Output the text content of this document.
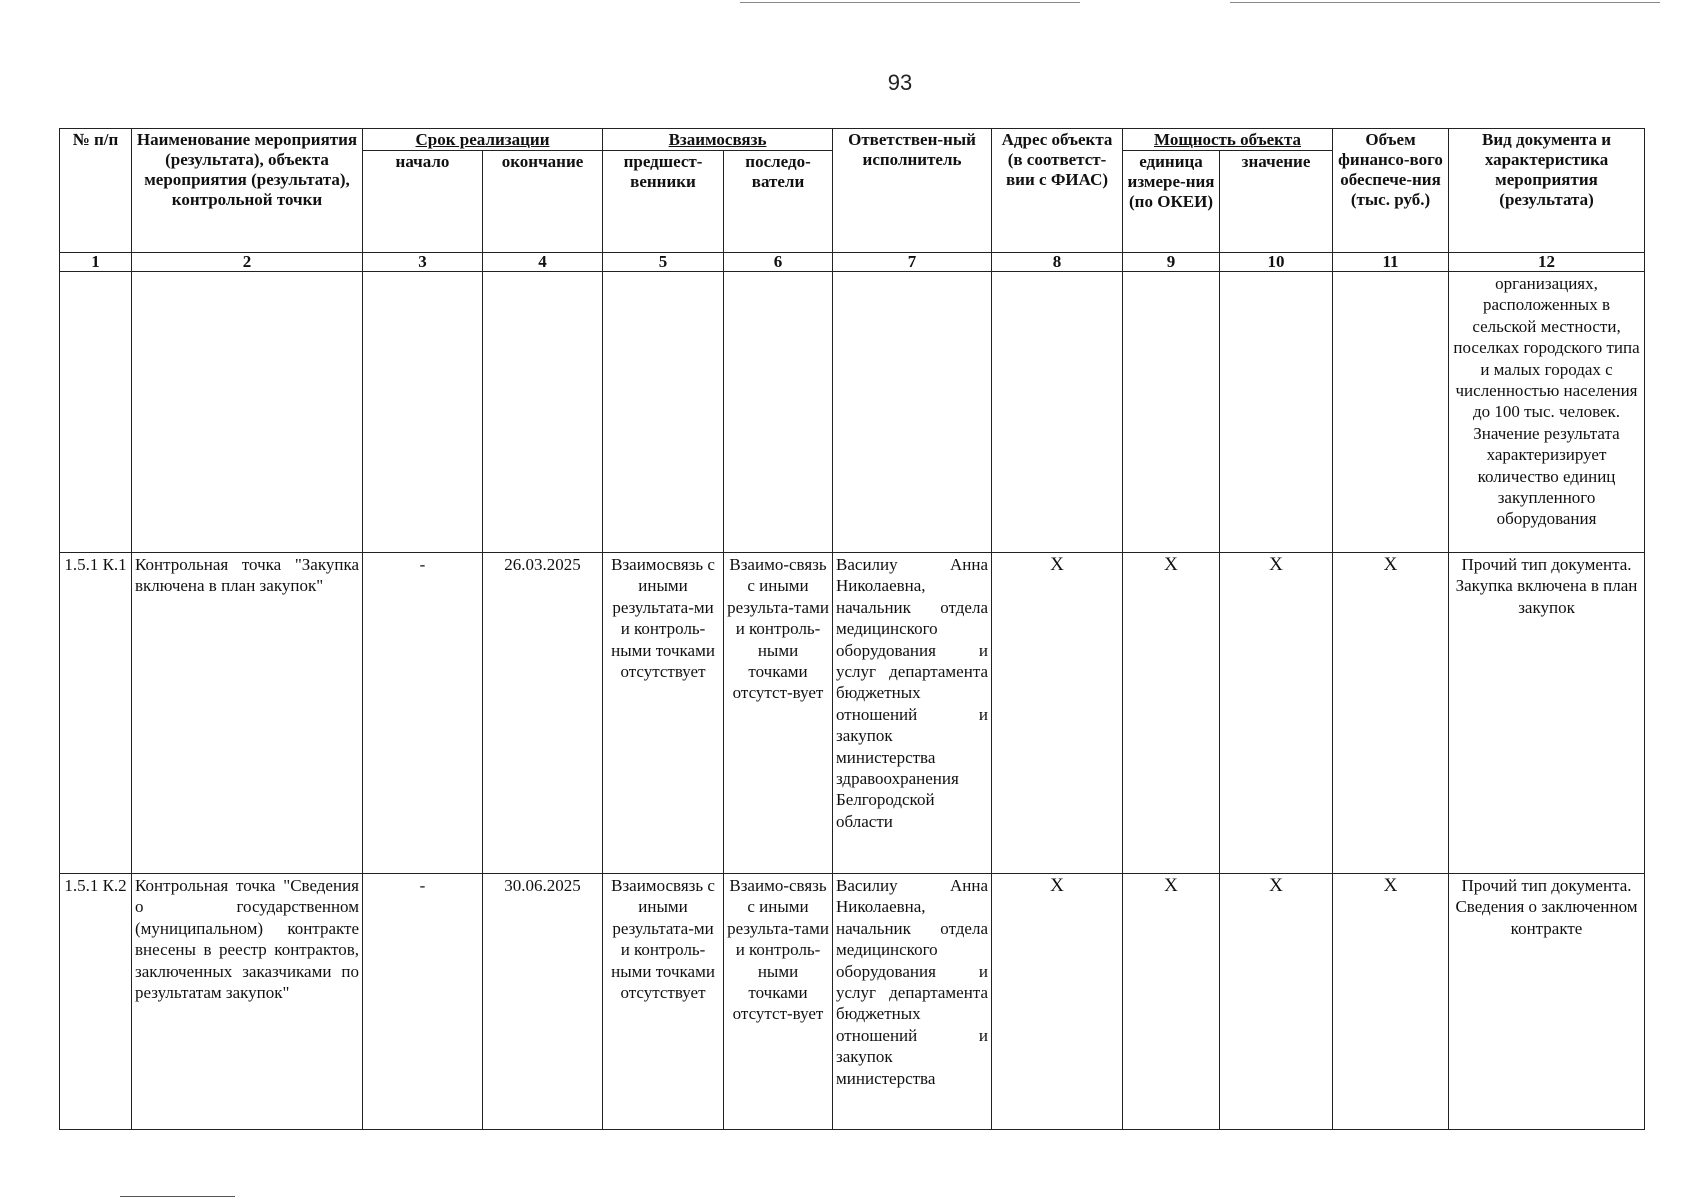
93
№ п/п	Наименование мероприятия (результата), объекта мероприятия (результата), контрольной точки	Срок реализации		Взаимосвязь		Ответствен-ный исполнитель	Адрес объекта (в соответст-вии с ФИАС)	Мощность объекта		Объем финансо-вого обеспече-ния (тыс. руб.)	Вид документа и характеристика мероприятия (результата)
		начало	окончание	предшест-венники	последо-ватели			единица измере-ния (по ОКЕИ)	значение		
1	2	3	4	5	6	7	8	9	10	11	12
											организациях, расположенных в сельской местности, поселках городского типа и малых городах с численностью населения до 100 тыс. человек. Значение результата характеризирует количество единиц закупленного оборудования
1.5.1 К.1	Контрольная точка "Закупка включена в план закупок"	-	26.03.2025	Взаимосвязь с иными результата-ми и контроль-ными точками отсутствует	Взаимо-связь с иными результа-тами и контроль-ными точками отсутст-вует	Василиу Анна Николаевна, начальник отдела медицинского оборудования и услуг департамента бюджетных отношений и закупок министерства здравоохранения Белгородской области	Х	Х	Х	Х	Прочий тип документа. Закупка включена в план закупок
1.5.1 К.2	Контрольная точка "Сведения о государственном (муниципальном) контракте внесены в реестр контрактов, заключенных заказчиками по результатам закупок"	-	30.06.2025	Взаимосвязь с иными результата-ми и контроль-ными точками отсутствует	Взаимо-связь с иными результа-тами и контроль-ными точками отсутст-вует	Василиу Анна Николаевна, начальник отдела медицинского оборудования и услуг департамента бюджетных отношений и закупок министерства	Х	Х	Х	Х	Прочий тип документа. Сведения о заключенном контракте
